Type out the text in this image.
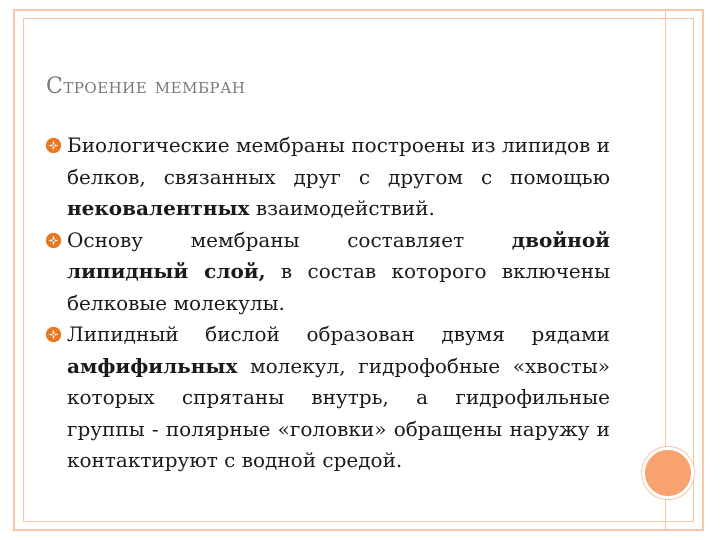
Строение мембран
Биологические мембраны построены из липидов и белков, связанных друг с другом с помощью нековалентных взаимодействий.
Основу мембраны составляет двойной липидный слой, в состав которого включены белковые молекулы.
Липидный бислой образован двумя рядами амфифильных молекул, гидрофобные «хвосты» которых спрятаны внутрь, а гидрофильные группы - полярные «головки» обращены наружу и контактируют с водной средой.
